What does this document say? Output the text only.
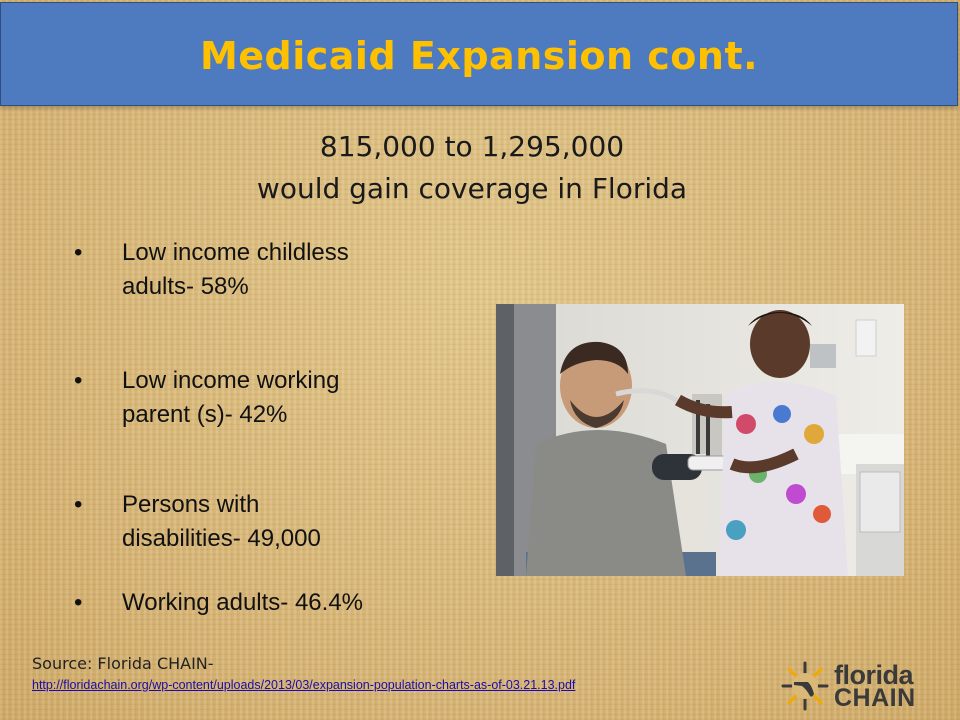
Medicaid Expansion cont.
815,000 to 1,295,000
would gain coverage in Florida
• Low income childless
adults- 58%
• Low income working
parent (s)- 42%
• Persons with
disabilities- 49,000
• Working adults- 46.4%
Source: Florida CHAIN-
http://floridachain.org/wp-content/uploads/2013/03/expansion-population-charts-as-of-03.21.13.pdf	florida
CHAIN
